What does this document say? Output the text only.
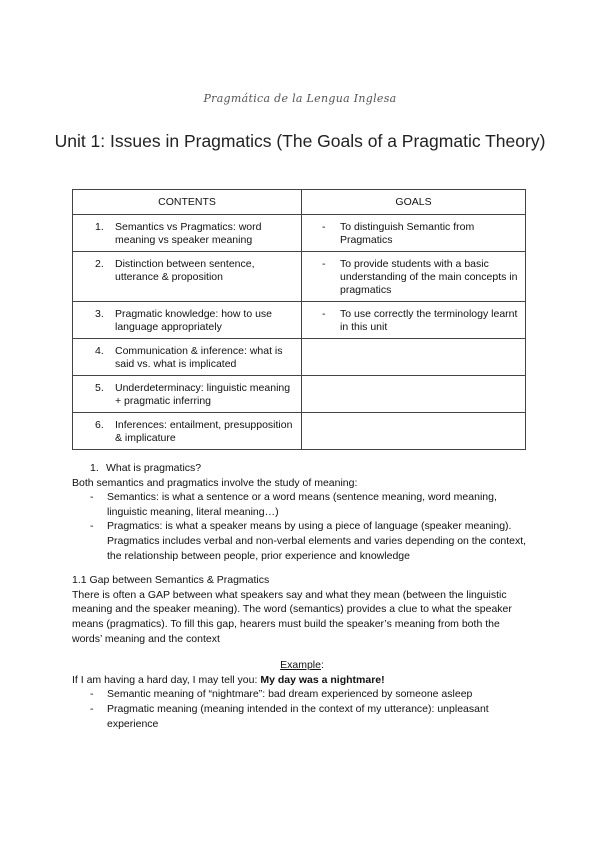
Pragmática de la Lengua Inglesa
Unit 1: Issues in Pragmatics (The Goals of a Pragmatic Theory)
CONTENTS	GOALS

1. Semantics vs Pragmatics: word meaning vs speaker meaning	- To distinguish Semantic from Pragmatics

2. Distinction between sentence, utterance & proposition	- To provide students with a basic understanding of the main concepts in pragmatics

3. Pragmatic knowledge: how to use language appropriately	- To use correctly the terminology learnt in this unit

4. Communication & inference: what is said vs. what is implicated	

5. Underdeterminacy: linguistic meaning + pragmatic inferring	

6. Inferences: entailment, presupposition & implicature	

1. What is pragmatics?

Both semantics and pragmatics involve the study of meaning:

-	Semantics: is what a sentence or a word means (sentence meaning, word meaning, linguistic meaning, literal meaning…)
-	Pragmatics: is what a speaker means by using a piece of language (speaker meaning). Pragmatics includes verbal and non-verbal elements and varies depending on the context, the relationship between people, prior experience and knowledge

1.1 Gap between Semantics & Pragmatics

There is often a GAP between what speakers say and what they mean (between the linguistic meaning and the speaker meaning). The word (semantics) provides a clue to what the speaker means (pragmatics). To fill this gap, hearers must build the speaker’s meaning from both the words’ meaning and the context

Example:

If I am having a hard day, I may tell you: My day was a nightmare!

-	Semantic meaning of “nightmare”: bad dream experienced by someone asleep
-	Pragmatic meaning (meaning intended in the context of my utterance): unpleasant experience
